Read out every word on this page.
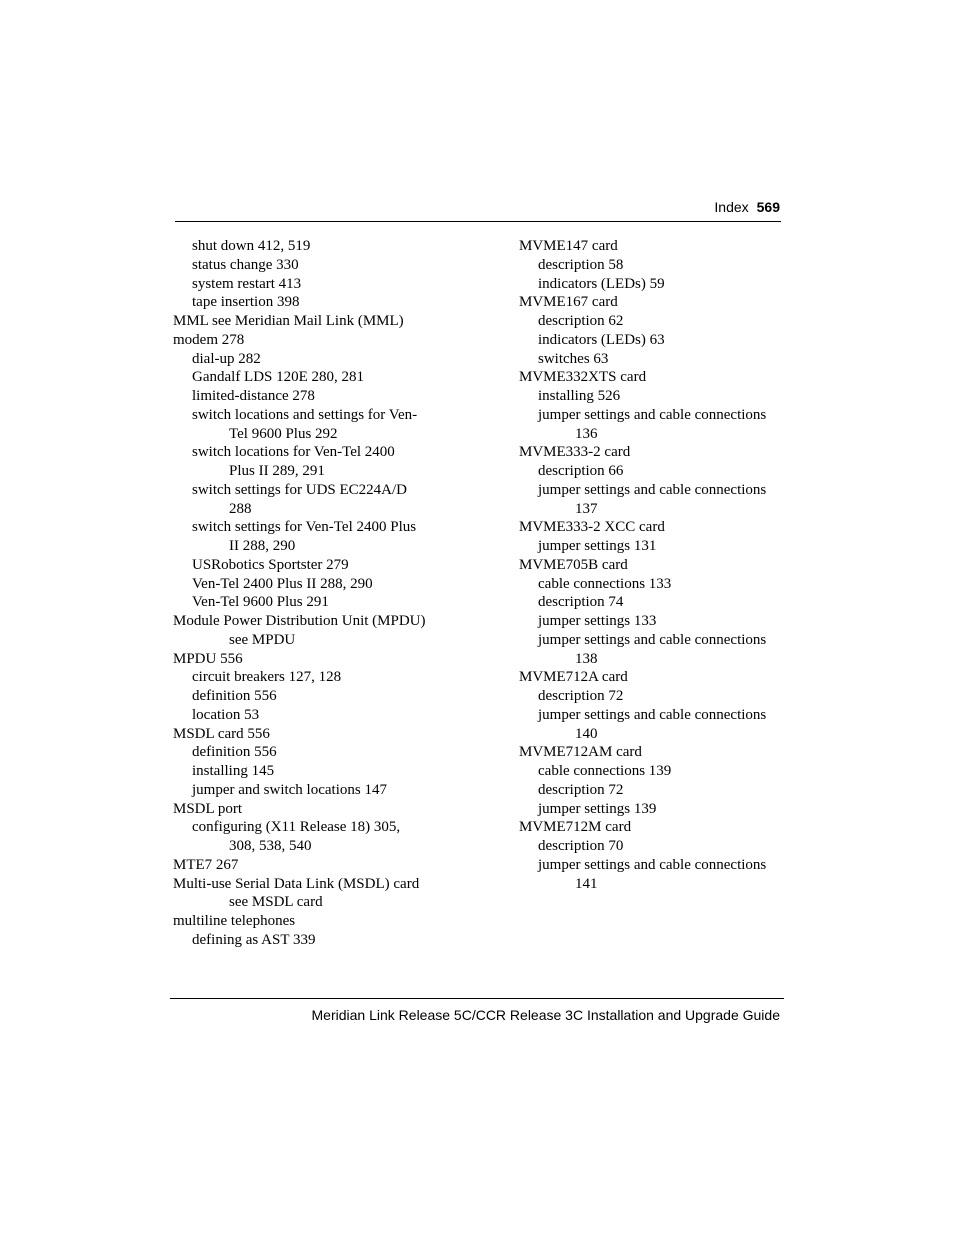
Index 569
shut down 412, 519
status change 330
system restart 413
tape insertion 398
MML see Meridian Mail Link (MML)
modem 278
dial-up 282
Gandalf LDS 120E 280, 281
limited-distance 278
switch locations and settings for Ven-
Tel 9600 Plus 292
switch locations for Ven-Tel 2400
Plus II 289, 291
switch settings for UDS EC224A/D
288
switch settings for Ven-Tel 2400 Plus
II 288, 290
USRobotics Sportster 279
Ven-Tel 2400 Plus II 288, 290
Ven-Tel 9600 Plus 291
Module Power Distribution Unit (MPDU)
see MPDU
MPDU 556
circuit breakers 127, 128
definition 556
location 53
MSDL card 556
definition 556
installing 145
jumper and switch locations 147
MSDL port
configuring (X11 Release 18) 305,
308, 538, 540
MTE7 267
Multi-use Serial Data Link (MSDL) card
see MSDL card
multiline telephones
defining as AST 339
MVME147 card
description 58
indicators (LEDs) 59
MVME167 card
description 62
indicators (LEDs) 63
switches 63
MVME332XTS card
installing 526
jumper settings and cable connections
136
MVME333-2 card
description 66
jumper settings and cable connections
137
MVME333-2 XCC card
jumper settings 131
MVME705B card
cable connections 133
description 74
jumper settings 133
jumper settings and cable connections
138
MVME712A card
description 72
jumper settings and cable connections
140
MVME712AM card
cable connections 139
description 72
jumper settings 139
MVME712M card
description 70
jumper settings and cable connections
141
Meridian Link Release 5C/CCR Release 3C Installation and Upgrade Guide
